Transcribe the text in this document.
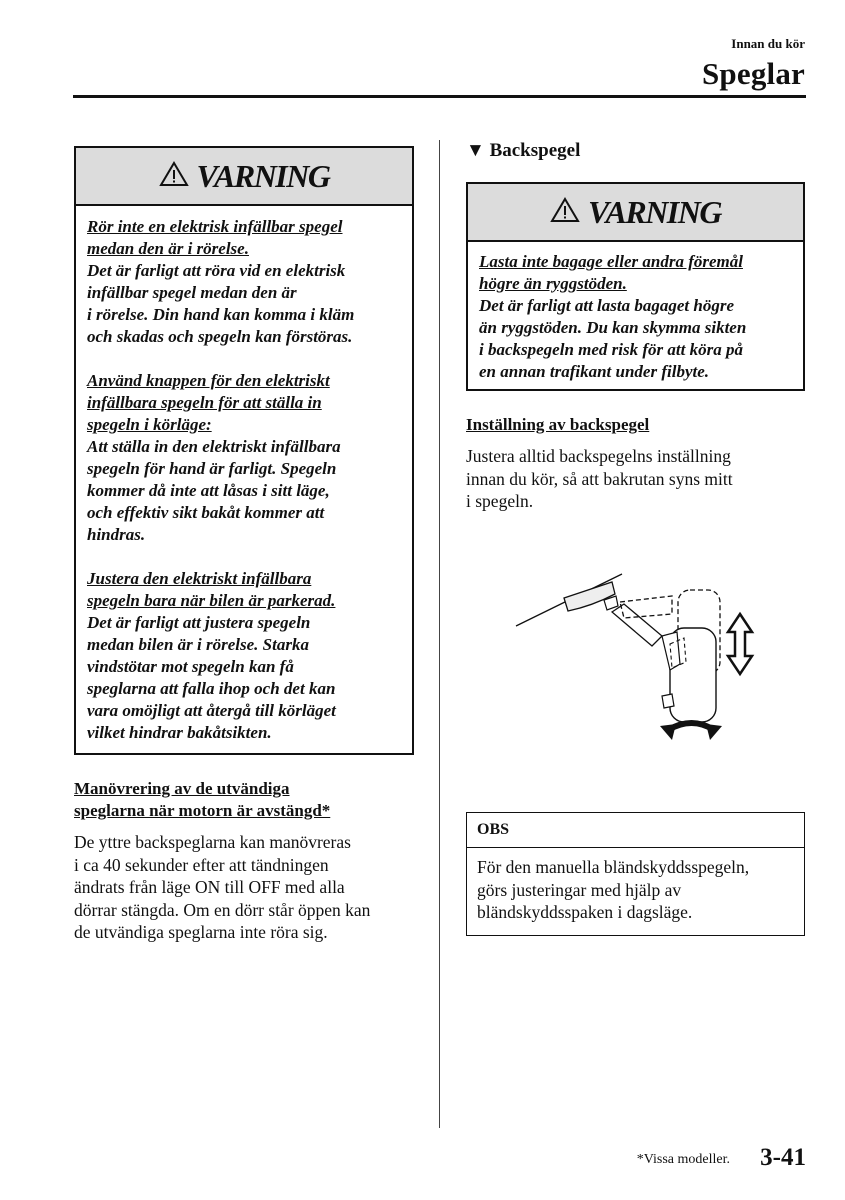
Innan du kör
Speglar
VARNING

Rör inte en elektrisk infällbar spegel

medan den är i rörelse.

Det är farligt att röra vid en elektrisk

infällbar spegel medan den är

i rörelse. Din hand kan komma i kläm

och skadas och spegeln kan förstöras.

Använd knappen för den elektriskt

infällbara spegeln för att ställa in

spegeln i körläge:

Att ställa in den elektriskt infällbara

spegeln för hand är farligt. Spegeln

kommer då inte att låsas i sitt läge,

och effektiv sikt bakåt kommer att

hindras.

Justera den elektriskt infällbara

spegeln bara när bilen är parkerad.

Det är farligt att justera spegeln

medan bilen är i rörelse. Starka

vindstötar mot spegeln kan få

speglarna att falla ihop och det kan

vara omöjligt att återgå till körläget

vilket hindrar bakåtsikten.

Manövrering av de utvändiga
speglarna när motorn är avstängd*
De yttre backspeglarna kan manövreras
i ca 40 sekunder efter att tändningen
ändrats från läge ON till OFF med alla
dörrar stängda. Om en dörr står öppen kan
de utvändiga speglarna inte röra sig.
▼ Backspegel
VARNING

Lasta inte bagage eller andra föremål

högre än ryggstöden.

Det är farligt att lasta bagaget högre

än ryggstöden. Du kan skymma sikten

i backspegeln med risk för att köra på

en annan trafikant under filbyte.

Inställning av backspegel
Justera alltid backspegelns inställning
innan du kör, så att bakrutan syns mitt
i spegeln.
OBS
För den manuella bländskyddsspegeln,
görs justeringar med hjälp av
bländskyddsspaken i dagsläge.
*Vissa modeller.	3-41
